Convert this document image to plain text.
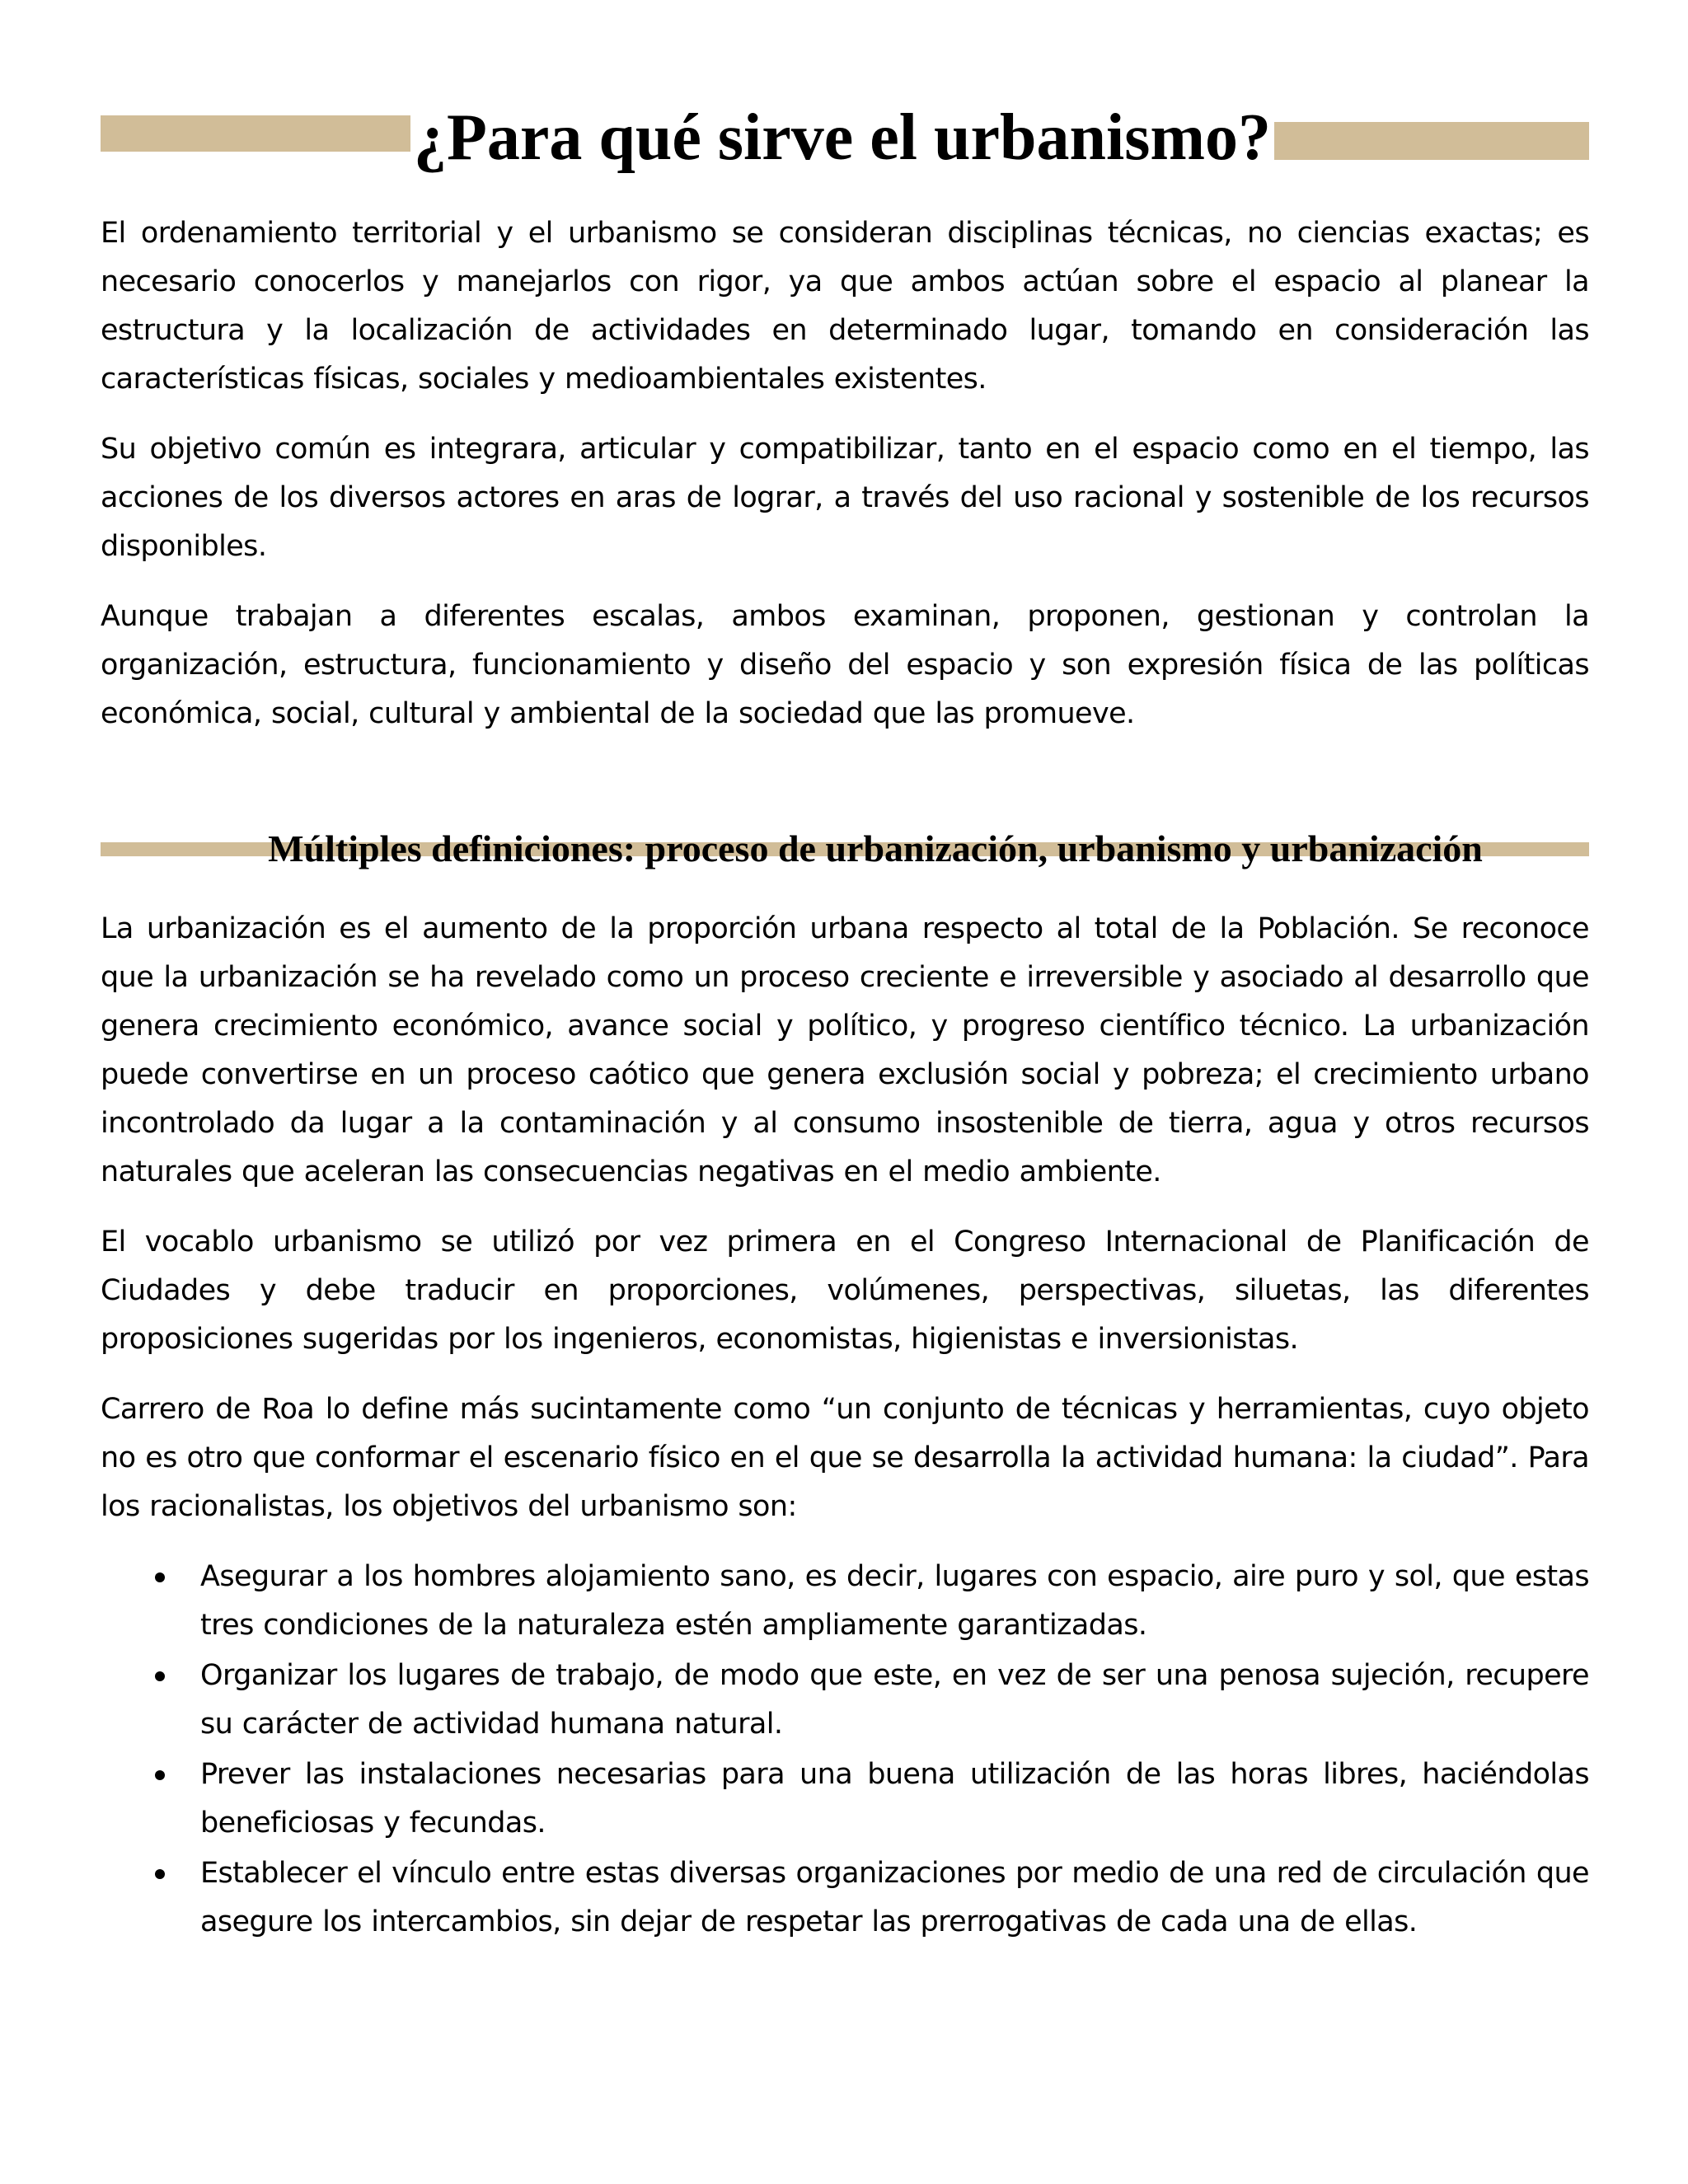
¿Para qué sirve el urbanismo?

El ordenamiento territorial y el urbanismo se consideran disciplinas técnicas, no ciencias exactas; es necesario conocerlos y manejarlos con rigor, ya que ambos actúan sobre el espacio al planear la estructura y la localización de actividades en determinado lugar, tomando en consideración las características físicas, sociales y medioambientales existentes.

Su objetivo común es integrara, articular y compatibilizar, tanto en el espacio como en el tiempo, las acciones de los diversos actores en aras de lograr, a través del uso racional y sostenible de los recursos disponibles.

Aunque trabajan a diferentes escalas, ambos examinan, proponen, gestionan y controlan la organización, estructura, funcionamiento y diseño del espacio y son expresión física de las políticas económica, social, cultural y ambiental de la sociedad que las promueve.

Múltiples definiciones: proceso de urbanización, urbanismo y urbanización

La urbanización es el aumento de la proporción urbana respecto al total de la Población. Se reconoce que la urbanización se ha revelado como un proceso creciente e irreversible y asociado al desarrollo que genera crecimiento económico, avance social y político, y progreso científico técnico. La urbanización puede convertirse en un proceso caótico que genera exclusión social y pobreza; el crecimiento urbano incontrolado da lugar a la contaminación y al consumo insostenible de tierra, agua y otros recursos naturales que aceleran las consecuencias negativas en el medio ambiente.

El vocablo urbanismo se utilizó por vez primera en el Congreso Internacional de Planificación de Ciudades y debe traducir en proporciones, volúmenes, perspectivas, siluetas, las diferentes proposiciones sugeridas por los ingenieros, economistas, higienistas e inversionistas.

Carrero de Roa lo define más sucintamente como “un conjunto de técnicas y herramientas, cuyo objeto no es otro que conformar el escenario físico en el que se desarrolla la actividad humana: la ciudad”. Para los racionalistas, los objetivos del urbanismo son:

Asegurar a los hombres alojamiento sano, es decir, lugares con espacio, aire puro y sol, que estas tres condiciones de la naturaleza estén ampliamente garantizadas.
Organizar los lugares de trabajo, de modo que este, en vez de ser una penosa sujeción, recupere su carácter de actividad humana natural.
Prever las instalaciones necesarias para una buena utilización de las horas libres, haciéndolas beneficiosas y fecundas.
Establecer el vínculo entre estas diversas organizaciones por medio de una red de circulación que asegure los intercambios, sin dejar de respetar las prerrogativas de cada una de ellas.
